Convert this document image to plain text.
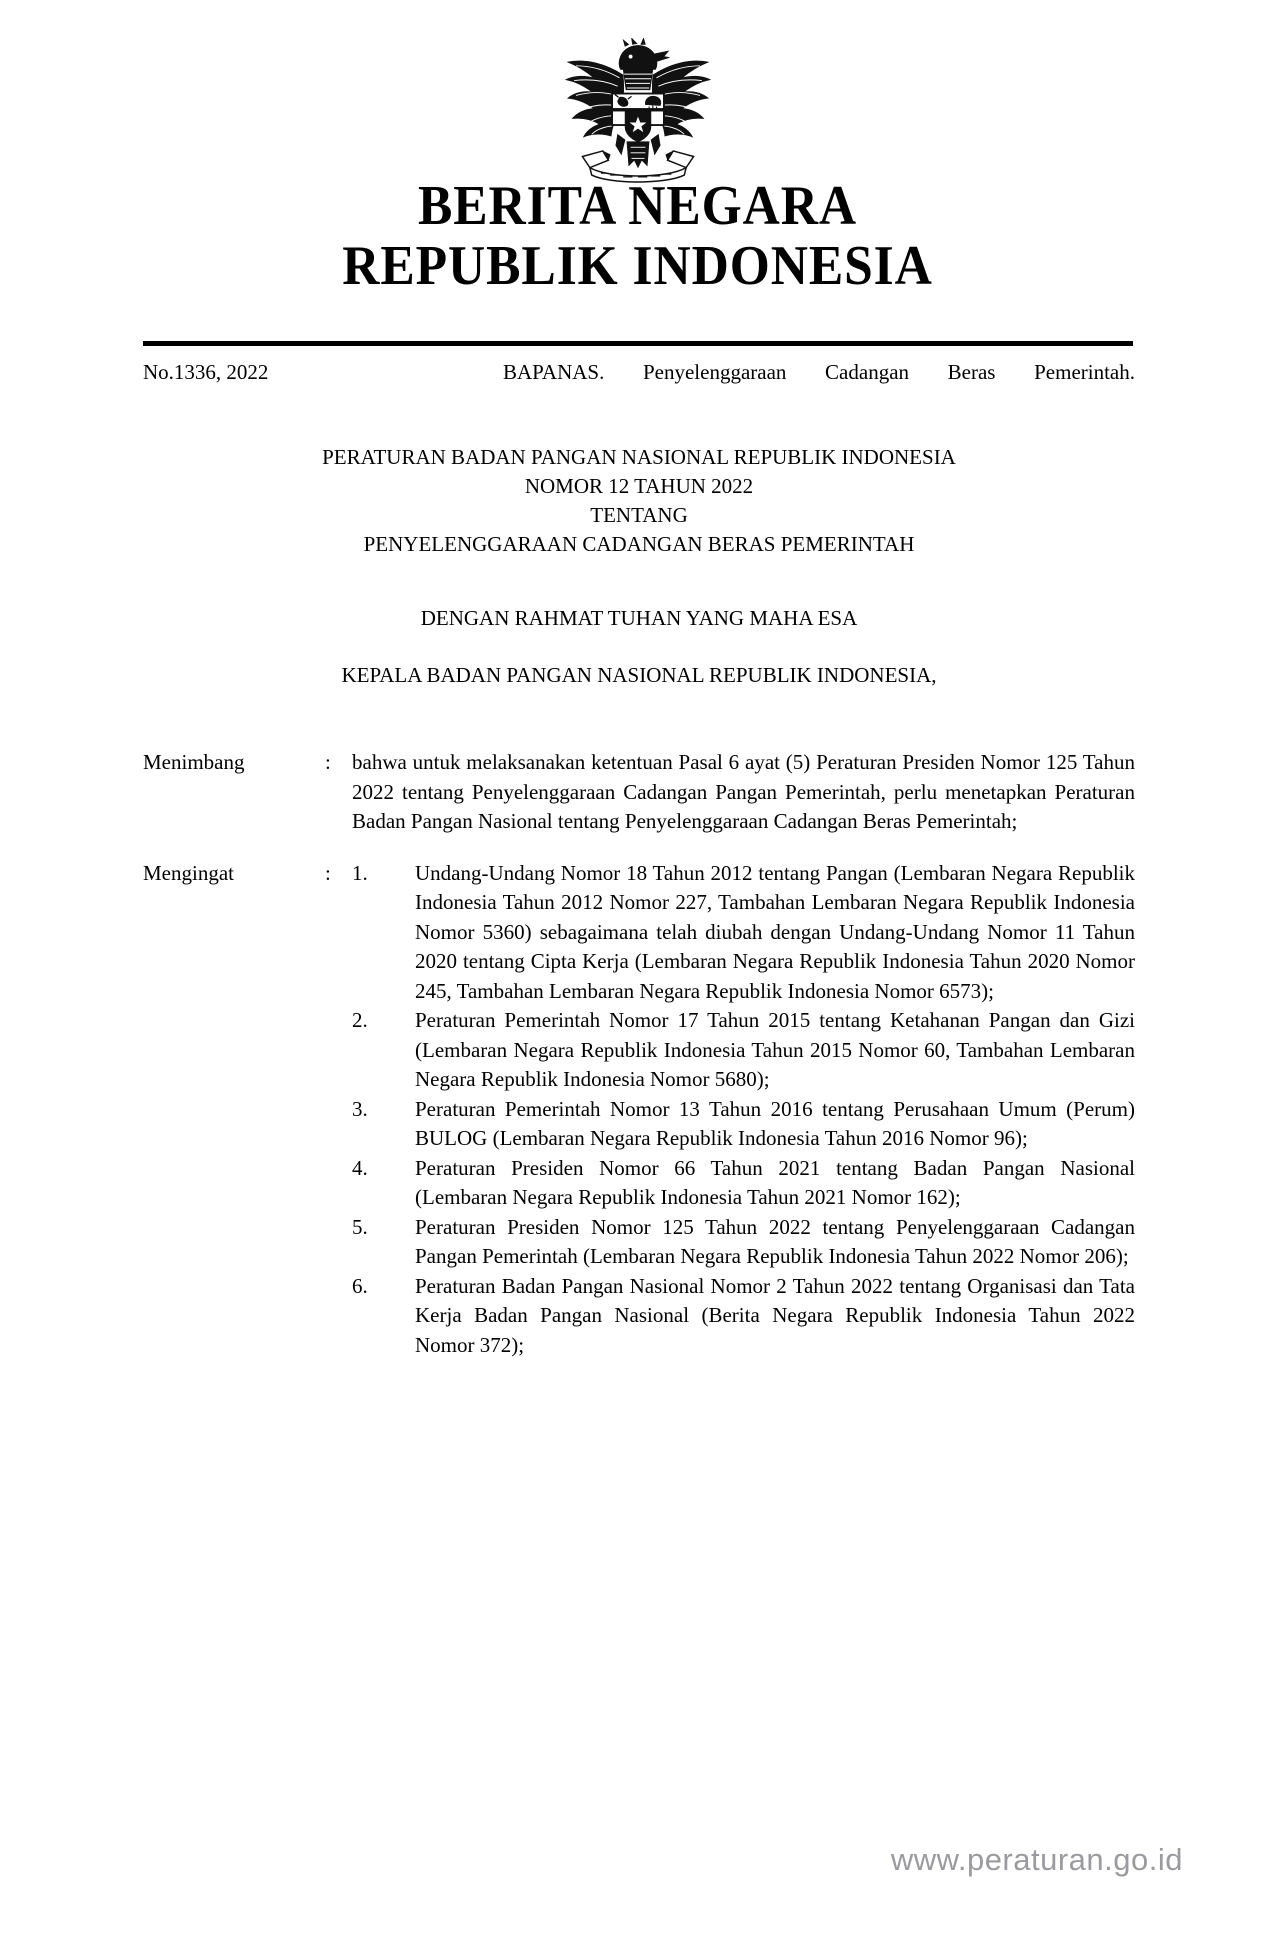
BERITA NEGARA
REPUBLIK INDONESIA
No.1336, 2022	BAPANAS. Penyelenggaraan Cadangan Beras Pemerintah.
PERATURAN BADAN PANGAN NASIONAL REPUBLIK INDONESIA
NOMOR 12 TAHUN 2022
TENTANG
PENYELENGGARAAN CADANGAN BERAS PEMERINTAH
DENGAN RAHMAT TUHAN YANG MAHA ESA
KEPALA BADAN PANGAN NASIONAL REPUBLIK INDONESIA,
Menimbang	: bahwa untuk melaksanakan ketentuan Pasal 6 ayat (5) Peraturan Presiden Nomor 125 Tahun 2022 tentang Penyelenggaraan Cadangan Pangan Pemerintah, perlu menetapkan Peraturan Badan Pangan Nasional tentang Penyelenggaraan Cadangan Beras Pemerintah;

Mengingat	: 1.	Undang-Undang Nomor 18 Tahun 2012 tentang Pangan (Lembaran Negara Republik Indonesia Tahun 2012 Nomor 227, Tambahan Lembaran Negara Republik Indonesia Nomor 5360) sebagaimana telah diubah dengan Undang-Undang Nomor 11 Tahun 2020 tentang Cipta Kerja (Lembaran Negara Republik Indonesia Tahun 2020 Nomor 245, Tambahan Lembaran Negara Republik Indonesia Nomor 6573);
2.	Peraturan Pemerintah Nomor 17 Tahun 2015 tentang Ketahanan Pangan dan Gizi (Lembaran Negara Republik Indonesia Tahun 2015 Nomor 60, Tambahan Lembaran Negara Republik Indonesia Nomor 5680);
3.	Peraturan Pemerintah Nomor 13 Tahun 2016 tentang Perusahaan Umum (Perum) BULOG (Lembaran Negara Republik Indonesia Tahun 2016 Nomor 96);
4.	Peraturan Presiden Nomor 66 Tahun 2021 tentang Badan Pangan Nasional (Lembaran Negara Republik Indonesia Tahun 2021 Nomor 162);
5.	Peraturan Presiden Nomor 125 Tahun 2022 tentang Penyelenggaraan Cadangan Pangan Pemerintah (Lembaran Negara Republik Indonesia Tahun 2022 Nomor 206);
6.	Peraturan Badan Pangan Nasional Nomor 2 Tahun 2022 tentang Organisasi dan Tata Kerja Badan Pangan Nasional (Berita Negara Republik Indonesia Tahun 2022 Nomor 372);
www.peraturan.go.id
